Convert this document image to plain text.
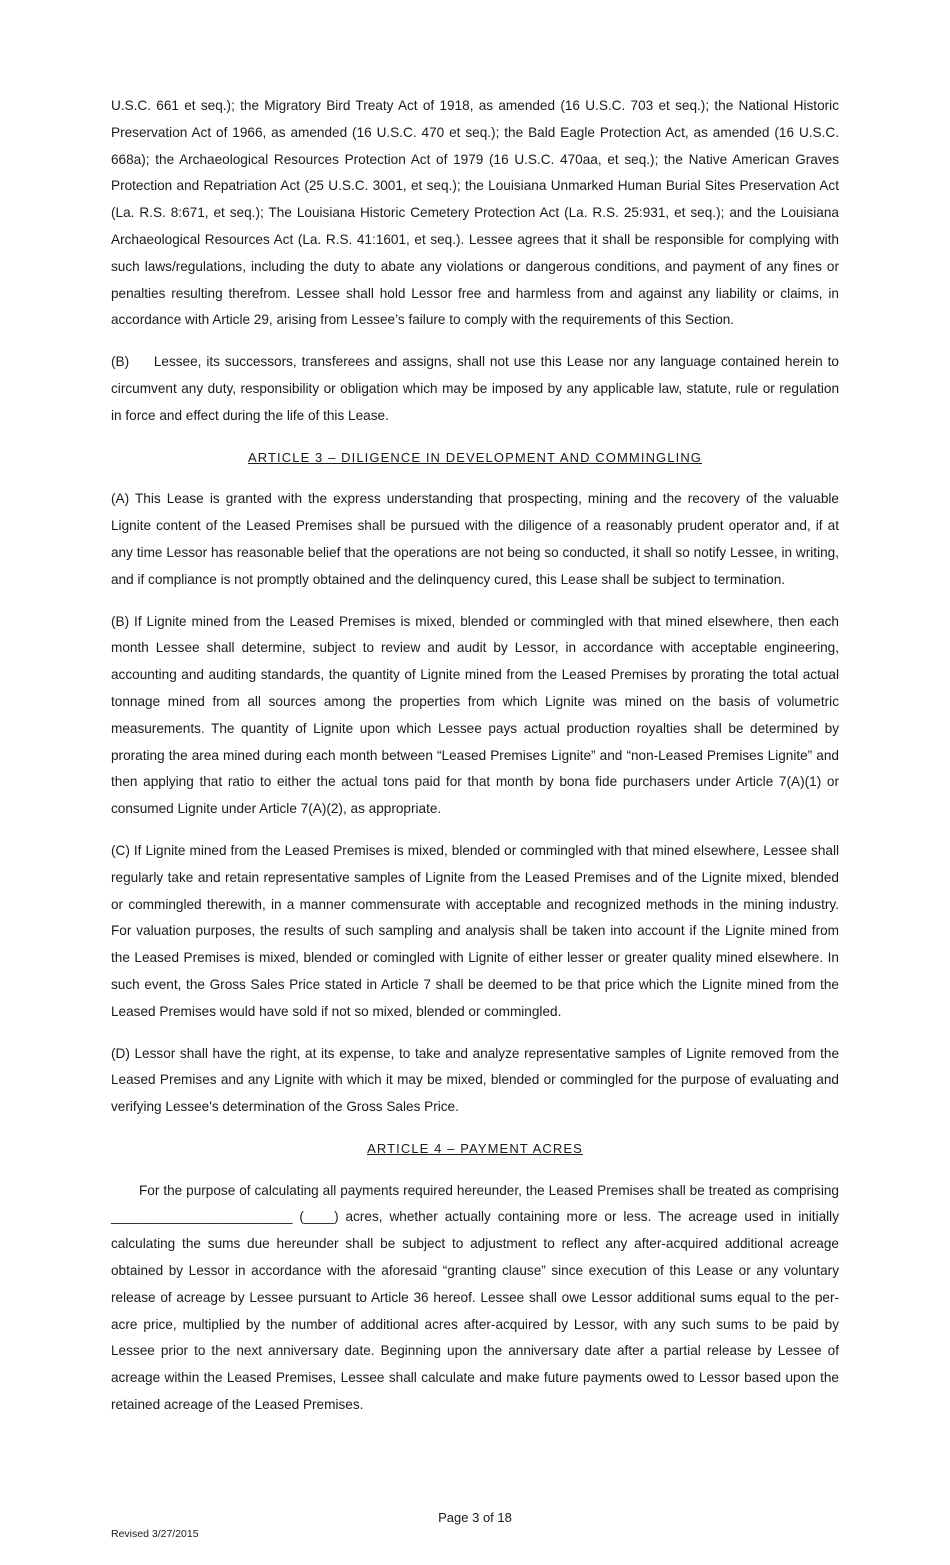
U.S.C. 661 et seq.); the Migratory Bird Treaty Act of 1918, as amended (16 U.S.C. 703 et seq.); the National Historic Preservation Act of 1966, as amended (16 U.S.C. 470 et seq.); the Bald Eagle Protection Act, as amended (16 U.S.C. 668a); the Archaeological Resources Protection Act of 1979 (16 U.S.C. 470aa, et seq.); the Native American Graves Protection and Repatriation Act (25 U.S.C. 3001, et seq.); the Louisiana Unmarked Human Burial Sites Preservation Act (La. R.S. 8:671, et seq.); The Louisiana Historic Cemetery Protection Act (La. R.S. 25:931, et seq.); and the Louisiana Archaeological Resources Act (La. R.S. 41:1601, et seq.). Lessee agrees that it shall be responsible for complying with such laws/regulations, including the duty to abate any violations or dangerous conditions, and payment of any fines or penalties resulting therefrom. Lessee shall hold Lessor free and harmless from and against any liability or claims, in accordance with Article 29, arising from Lessee’s failure to comply with the requirements of this Section.

(B)     Lessee, its successors, transferees and assigns, shall not use this Lease nor any language contained herein to circumvent any duty, responsibility or obligation which may be imposed by any applicable law, statute, rule or regulation in force and effect during the life of this Lease.

ARTICLE 3 – DILIGENCE IN DEVELOPMENT AND COMMINGLING

(A) This Lease is granted with the express understanding that prospecting, mining and the recovery of the valuable Lignite content of the Leased Premises shall be pursued with the diligence of a reasonably prudent operator and, if at any time Lessor has reasonable belief that the operations are not being so conducted, it shall so notify Lessee, in writing, and if compliance is not promptly obtained and the delinquency cured, this Lease shall be subject to termination.

(B) If Lignite mined from the Leased Premises is mixed, blended or commingled with that mined elsewhere, then each month Lessee shall determine, subject to review and audit by Lessor, in accordance with acceptable engineering, accounting and auditing standards, the quantity of Lignite mined from the Leased Premises by prorating the total actual tonnage mined from all sources among the properties from which Lignite was mined on the basis of volumetric measurements. The quantity of Lignite upon which Lessee pays actual production royalties shall be determined by prorating the area mined during each month between “Leased Premises Lignite” and “non-Leased Premises Lignite” and then applying that ratio to either the actual tons paid for that month by bona fide purchasers under Article 7(A)(1) or consumed Lignite under Article 7(A)(2), as appropriate.

(C) If Lignite mined from the Leased Premises is mixed, blended or commingled with that mined elsewhere, Lessee shall regularly take and retain representative samples of Lignite from the Leased Premises and of the Lignite mixed, blended or commingled therewith, in a manner commensurate with acceptable and recognized methods in the mining industry. For valuation purposes, the results of such sampling and analysis shall be taken into account if the Lignite mined from the Leased Premises is mixed, blended or comingled with Lignite of either lesser or greater quality mined elsewhere. In such event, the Gross Sales Price stated in Article 7 shall be deemed to be that price which the Lignite mined from the Leased Premises would have sold if not so mixed, blended or commingled.

(D) Lessor shall have the right, at its expense, to take and analyze representative samples of Lignite removed from the Leased Premises and any Lignite with which it may be mixed, blended or commingled for the purpose of evaluating and verifying Lessee's determination of the Gross Sales Price.

ARTICLE 4 – PAYMENT ACRES

For the purpose of calculating all payments required hereunder, the Leased Premises shall be treated as comprising ________________________ (____) acres, whether actually containing more or less. The acreage used in initially calculating the sums due hereunder shall be subject to adjustment to reflect any after-acquired additional acreage obtained by Lessor in accordance with the aforesaid “granting clause” since execution of this Lease or any voluntary release of acreage by Lessee pursuant to Article 36 hereof. Lessee shall owe Lessor additional sums equal to the per-acre price, multiplied by the number of additional acres after-acquired by Lessor, with any such sums to be paid by Lessee prior to the next anniversary date. Beginning upon the anniversary date after a partial release by Lessee of acreage within the Leased Premises, Lessee shall calculate and make future payments owed to Lessor based upon the retained acreage of the Leased Premises.

Page 3 of 18
Revised 3/27/2015
